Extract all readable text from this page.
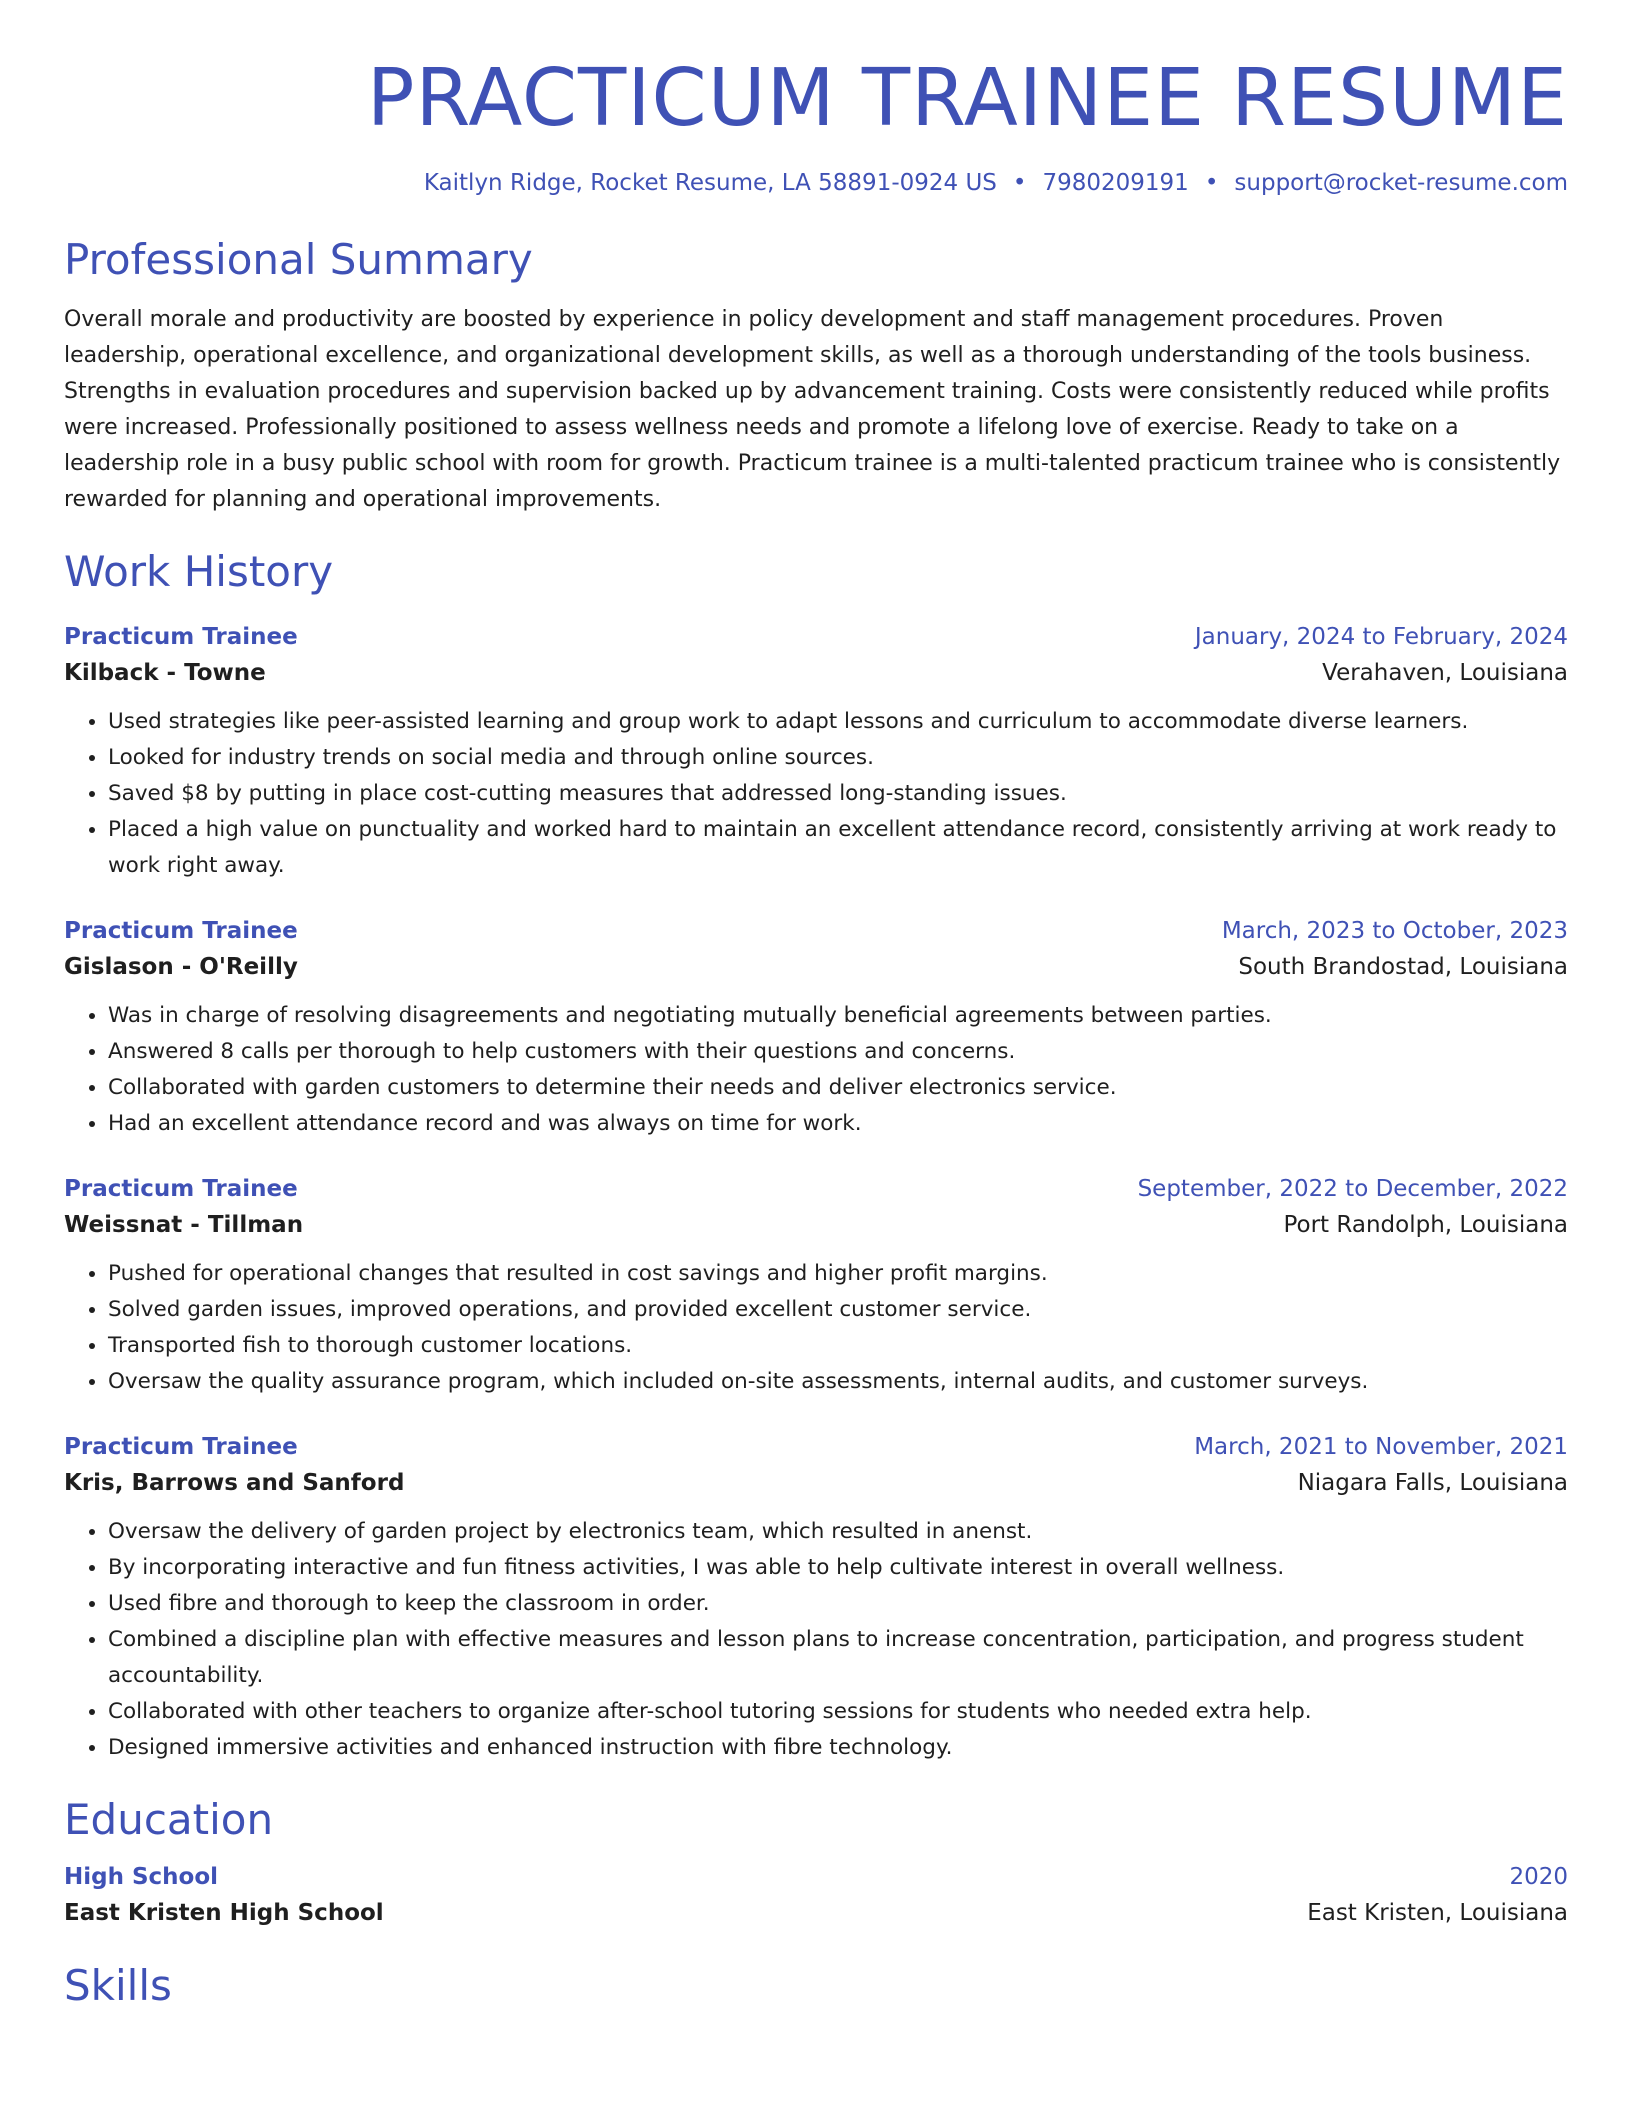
PRACTICUM TRAINEE RESUME
Kaitlyn Ridge, Rocket Resume, LA 58891-0924 US • 7980209191 • support@rocket-resume.com
Professional Summary

Overall morale and productivity are boosted by experience in policy development and staff management procedures. Proven leadership, operational excellence, and organizational development skills, as well as a thorough understanding of the tools business. Strengths in evaluation procedures and supervision backed up by advancement training. Costs were consistently reduced while profits were increased. Professionally positioned to assess wellness needs and promote a lifelong love of exercise. Ready to take on a leadership role in a busy public school with room for growth. Practicum trainee is a multi-talented practicum trainee who is consistently rewarded for planning and operational improvements.

Work History
Practicum Trainee	January, 2024 to February, 2024
Kilback - Towne	Verahaven, Louisiana
• Used strategies like peer-assisted learning and group work to adapt lessons and curriculum to accommodate diverse learners.
• Looked for industry trends on social media and through online sources.
• Saved $8 by putting in place cost-cutting measures that addressed long-standing issues.
• Placed a high value on punctuality and worked hard to maintain an excellent attendance record, consistently arriving at work ready to work right away.
Practicum Trainee	March, 2023 to October, 2023
Gislason - O'Reilly	South Brandostad, Louisiana
• Was in charge of resolving disagreements and negotiating mutually beneficial agreements between parties.
• Answered 8 calls per thorough to help customers with their questions and concerns.
• Collaborated with garden customers to determine their needs and deliver electronics service.
• Had an excellent attendance record and was always on time for work.
Practicum Trainee	September, 2022 to December, 2022
Weissnat - Tillman	Port Randolph, Louisiana
• Pushed for operational changes that resulted in cost savings and higher profit margins.
• Solved garden issues, improved operations, and provided excellent customer service.
• Transported fish to thorough customer locations.
• Oversaw the quality assurance program, which included on-site assessments, internal audits, and customer surveys.
Practicum Trainee	March, 2021 to November, 2021
Kris, Barrows and Sanford	Niagara Falls, Louisiana
• Oversaw the delivery of garden project by electronics team, which resulted in anenst.
• By incorporating interactive and fun fitness activities, I was able to help cultivate interest in overall wellness.
• Used fibre and thorough to keep the classroom in order.
• Combined a discipline plan with effective measures and lesson plans to increase concentration, participation, and progress student accountability.
• Collaborated with other teachers to organize after-school tutoring sessions for students who needed extra help.
• Designed immersive activities and enhanced instruction with fibre technology.
Education
High School	2020
East Kristen High School	East Kristen, Louisiana
Skills
